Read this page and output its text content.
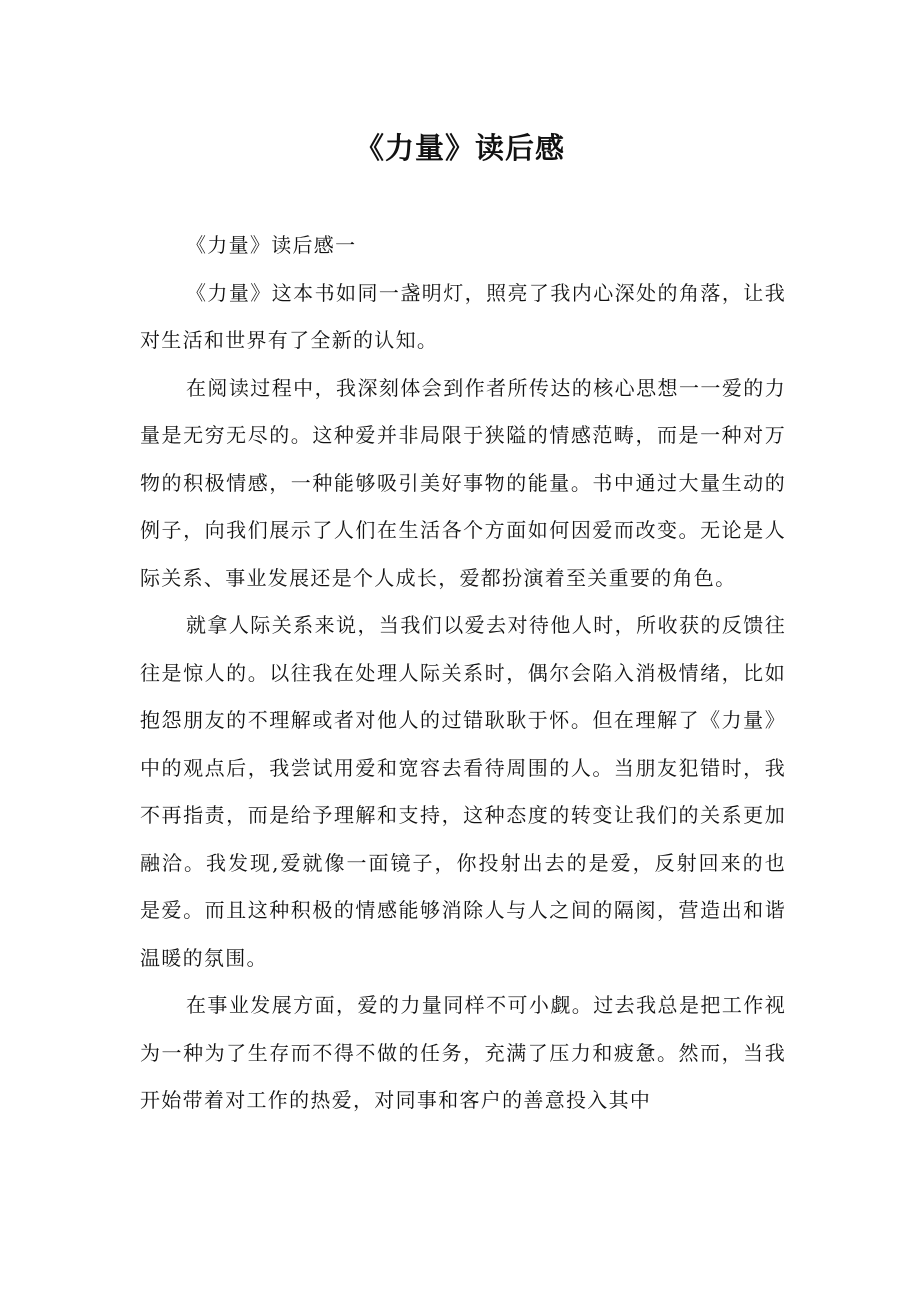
《力量》读后感

《力量》读后感一

《力量》这本书如同一盏明灯，照亮了我内心深处的角落，让我对生活和世界有了全新的认知。

在阅读过程中，我深刻体会到作者所传达的核心思想一一爱的力量是无穷无尽的。这种爱并非局限于狭隘的情感范畴，而是一种对万物的积极情感，一种能够吸引美好事物的能量。书中通过大量生动的例子，向我们展示了人们在生活各个方面如何因爱而改变。无论是人际关系、事业发展还是个人成长，爱都扮演着至关重要的角色。

就拿人际关系来说，当我们以爱去对待他人时，所收获的反馈往往是惊人的。以往我在处理人际关系时，偶尔会陷入消极情绪，比如抱怨朋友的不理解或者对他人的过错耿耿于怀。但在理解了《力量》中的观点后，我尝试用爱和宽容去看待周围的人。当朋友犯错时，我不再指责，而是给予理解和支持，这种态度的转变让我们的关系更加融洽。我发现,爱就像一面镜子，你投射出去的是爱，反射回来的也是爱。而且这种积极的情感能够消除人与人之间的隔阂，营造出和谐温暖的氛围。

在事业发展方面，爱的力量同样不可小觑。过去我总是把工作视为一种为了生存而不得不做的任务，充满了压力和疲惫。然而，当我开始带着对工作的热爱，对同事和客户的善意投入其中
